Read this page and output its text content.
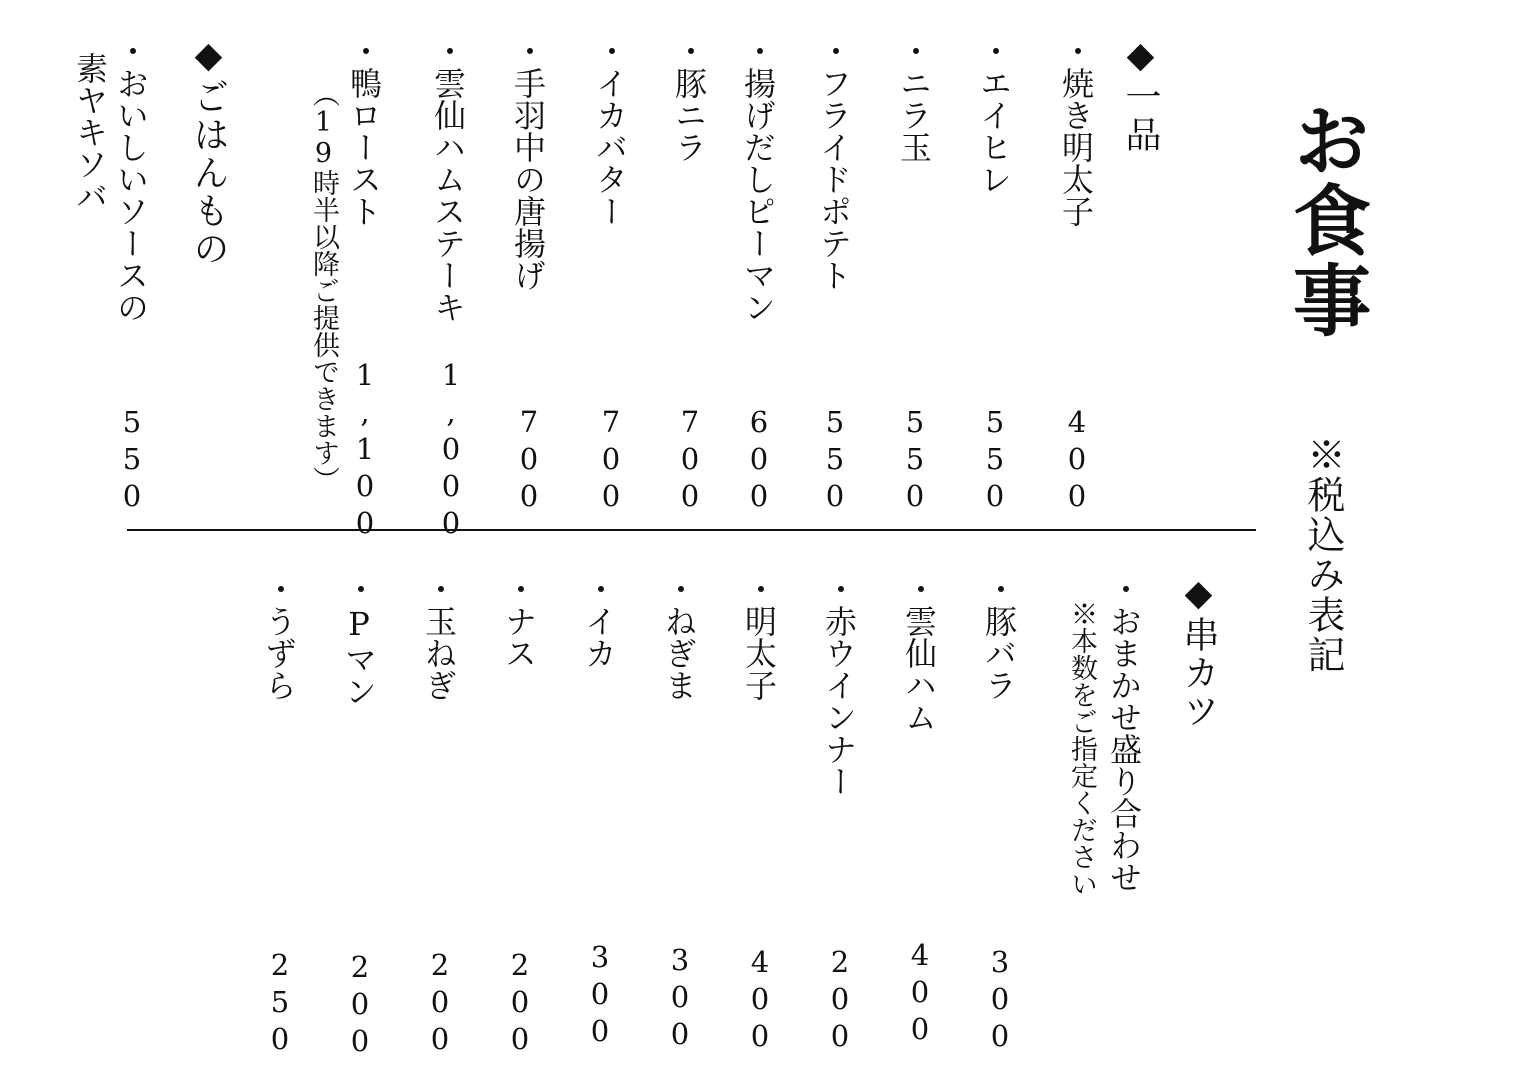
お食事
※税込み表記
◆一品
・焼き明太子
400
・エイヒレ
550
・ニラ玉
550
・フライドポテト
550
・揚げだしピーマン
600
・豚ニラ
700
・イカバター
700
・手羽中の唐揚げ
700
・雲仙ハムステーキ
1,000
・鴨ロースト
（19時半以降ご提供できます） 1,100
◆ごはんもの
・おいしいソースの
素ヤキソバ
550
◆串カツ
・おまかせ盛り合わせ
※本数をご指定ください
・豚バラ
300
・雲仙ハム
400
・赤ウインナー
200
・明太子
400
・ねぎま
300
・イカ
300
・ナス
200
・玉ねぎ
200
・Pマン
200
・うずら
250
